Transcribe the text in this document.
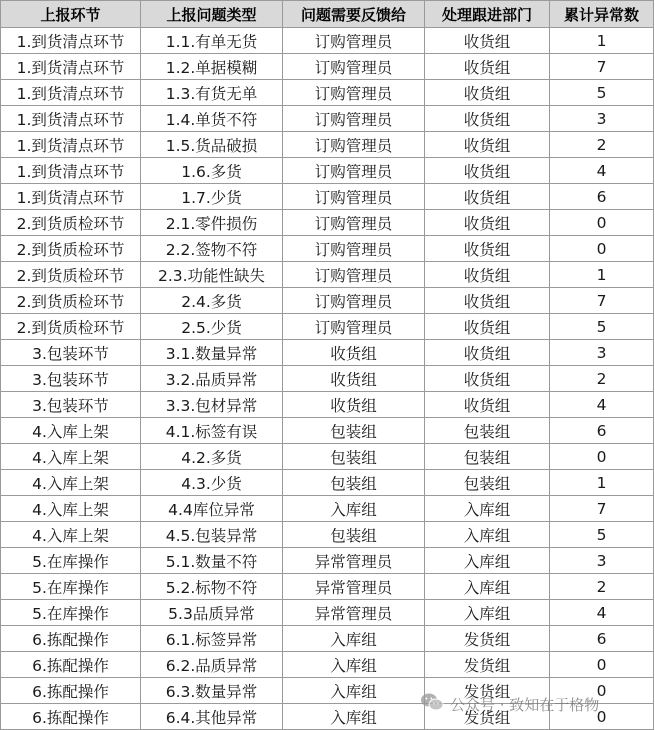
上报环节	上报问题类型	问题需要反馈给	处理跟进部门	累计异常数
1.到货清点环节	1.1.有单无货	订购管理员	收货组	1
1.到货清点环节	1.2.单据模糊	订购管理员	收货组	7
1.到货清点环节	1.3.有货无单	订购管理员	收货组	5
1.到货清点环节	1.4.单货不符	订购管理员	收货组	3
1.到货清点环节	1.5.货品破损	订购管理员	收货组	2
1.到货清点环节	1.6.多货	订购管理员	收货组	4
1.到货清点环节	1.7.少货	订购管理员	收货组	6
2.到货质检环节	2.1.零件损伤	订购管理员	收货组	0
2.到货质检环节	2.2.签物不符	订购管理员	收货组	0
2.到货质检环节	2.3.功能性缺失	订购管理员	收货组	1
2.到货质检环节	2.4.多货	订购管理员	收货组	7
2.到货质检环节	2.5.少货	订购管理员	收货组	5
3.包装环节	3.1.数量异常	收货组	收货组	3
3.包装环节	3.2.品质异常	收货组	收货组	2
3.包装环节	3.3.包材异常	收货组	收货组	4
4.入库上架	4.1.标签有误	包装组	包装组	6
4.入库上架	4.2.多货	包装组	包装组	0
4.入库上架	4.3.少货	包装组	包装组	1
4.入库上架	4.4库位异常	入库组	入库组	7
4.入库上架	4.5.包装异常	包装组	入库组	5
5.在库操作	5.1.数量不符	异常管理员	入库组	3
5.在库操作	5.2.标物不符	异常管理员	入库组	2
5.在库操作	5.3品质异常	异常管理员	入库组	4
6.拣配操作	6.1.标签异常	入库组	发货组	6
6.拣配操作	6.2.品质异常	入库组	发货组	0
6.拣配操作	6.3.数量异常	入库组	发货组	0
6.拣配操作	6.4.其他异常	入库组	发货组	0
公众号 · 致知在于格物
